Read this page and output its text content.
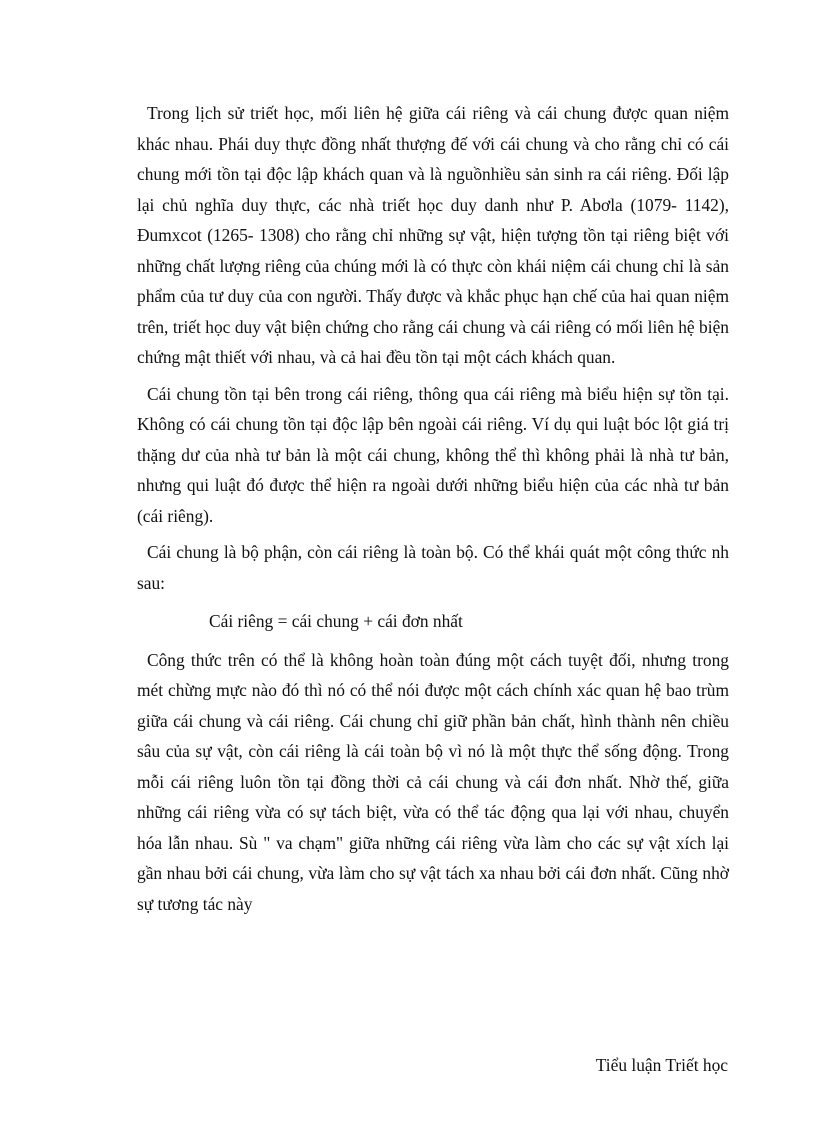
Trong lịch sử triết học, mối liên hệ giữa cái riêng và cái chung được quan niệm khác nhau. Phái duy thực đồng nhất thượng đế với cái chung và cho rằng chỉ có cái chung mới tồn tại độc lập khách quan và là nguồnhiều sản sinh ra cái riêng. Đối lập lại chủ nghĩa duy thực, các nhà triết học duy danh như P. Abơla (1079- 1142), Đumxcot (1265- 1308) cho rằng chỉ những sự vật, hiện tượng tồn tại riêng biệt với những chất lượng riêng của chúng mới là có thực còn khái niệm cái chung chỉ là sản phẩm của tư duy của con người. Thấy được và khắc phục hạn chế của hai quan niệm trên, triết học duy vật biện chứng cho rằng cái chung và cái riêng có mối liên hệ biện chứng mật thiết với nhau, và cả hai đều tồn tại một cách khách quan.

Cái chung tồn tại bên trong cái riêng, thông qua cái riêng mà biểu hiện sự tồn tại. Không có cái chung tồn tại độc lập bên ngoài cái riêng. Ví dụ qui luật bóc lột giá trị thặng dư của nhà tư bản là một cái chung, không thể thì không phải là nhà tư bản, nhưng qui luật đó được thể hiện ra ngoài dưới những biểu hiện của các nhà tư bản (cái riêng).

Cái chung là bộ phận, còn cái riêng là toàn bộ. Có thể khái quát một công thức nh sau:

Cái riêng = cái chung + cái đơn nhất

Công thức trên có thể là không hoàn toàn đúng một cách tuyệt đối, nhưng trong mét chừng mực nào đó thì nó có thể nói được một cách chính xác quan hệ bao trùm giữa cái chung và cái riêng. Cái chung chỉ giữ phần bản chất, hình thành nên chiều sâu của sự vật, còn cái riêng là cái toàn bộ vì nó là một thực thể sống động. Trong mỗi cái riêng luôn tồn tại đồng thời cả cái chung và cái đơn nhất. Nhờ thế, giữa những cái riêng vừa có sự tách biệt, vừa có thể tác động qua lại với nhau, chuyển hóa lẫn nhau. Sù " va chạm" giữa những cái riêng vừa làm cho các sự vật xích lại gần nhau bởi cái chung, vừa làm cho sự vật tách xa nhau bởi cái đơn nhất. Cũng nhờ sự tương tác này

Tiểu luận Triết học
